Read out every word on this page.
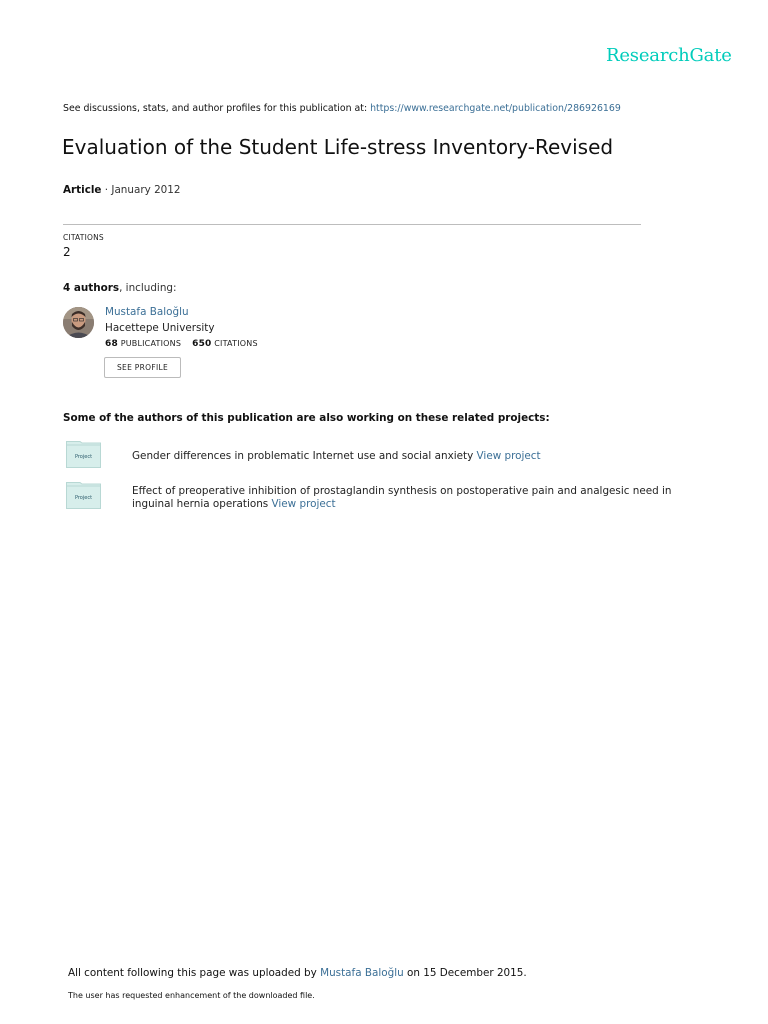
ResearchGate
See discussions, stats, and author profiles for this publication at: https://www.researchgate.net/publication/286926169
Evaluation of the Student Life-stress Inventory-Revised
Article · January 2012
CITATIONS
2
4 authors, including:
Mustafa Baloğlu
Hacettepe University
68 PUBLICATIONS 650 CITATIONS
SEE PROFILE
Some of the authors of this publication are also working on these related projects:
Project	Gender differences in problematic Internet use and social anxiety View project
Project
Effect of preoperative inhibition of prostaglandin synthesis on postoperative pain and analgesic need in inguinal hernia operations View project
All content following this page was uploaded by Mustafa Baloğlu on 15 December 2015.
The user has requested enhancement of the downloaded file.
